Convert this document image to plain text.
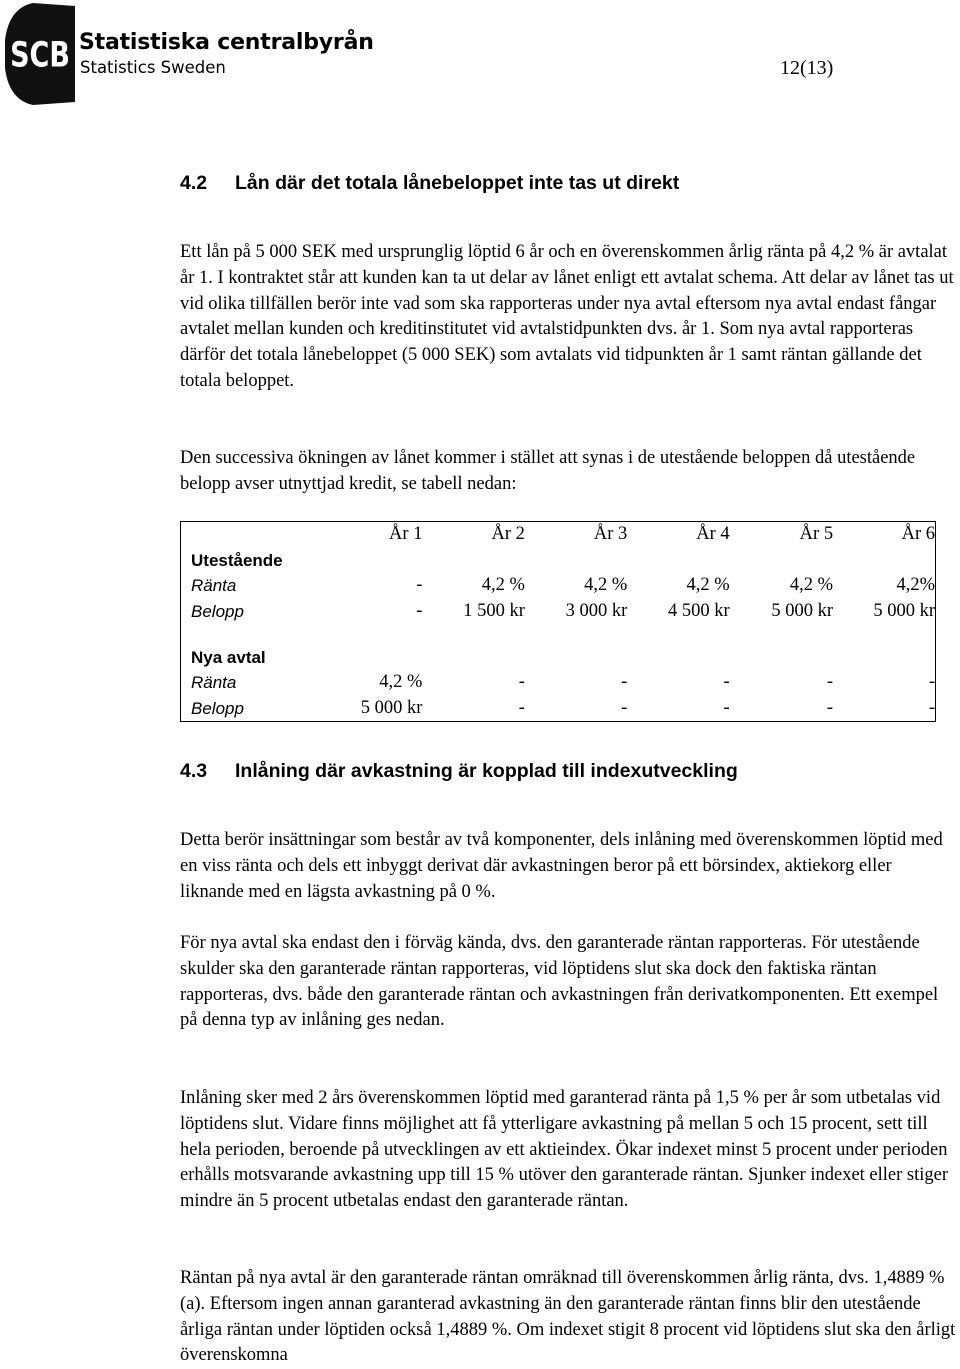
SCB Statistiska centralbyrån
Statistics Sweden	12(13)
4.2 Lån där det totala lånebeloppet inte tas ut direkt

Ett lån på 5 000 SEK med ursprunglig löptid 6 år och en överenskommen årlig ränta på 4,2 % är avtalat år 1. I kontraktet står att kunden kan ta ut delar av lånet enligt ett avtalat schema. Att delar av lånet tas ut vid olika tillfällen berör inte vad som ska rapporteras under nya avtal eftersom nya avtal endast fångar avtalet mellan kunden och kreditinstitutet vid avtalstidpunkten dvs. år 1. Som nya avtal rapporteras därför det totala lånebeloppet (5 000 SEK) som avtalats vid tidpunkten år 1 samt räntan gällande det totala beloppet.

Den successiva ökningen av lånet kommer i stället att synas i de utestående beloppen då utestående belopp avser utnyttjad kredit, se tabell nedan:

	År 1	År 2	År 3	År 4	År 5	År 6
Utestående						
Ränta	-	4,2 %	4,2 %	4,2 %	4,2 %	4,2%
Belopp	-	1 500 kr	3 000 kr	4 500 kr	5 000 kr	5 000 kr

Nya avtal						
Ränta	4,2 %	-	-	-	-	-
Belopp	5 000 kr	-	-	-	-	-
4.3 Inlåning där avkastning är kopplad till indexutveckling

Detta berör insättningar som består av två komponenter, dels inlåning med överenskommen löptid med en viss ränta och dels ett inbyggt derivat där avkastningen beror på ett börsindex, aktiekorg eller liknande med en lägsta avkastning på 0 %.

För nya avtal ska endast den i förväg kända, dvs. den garanterade räntan rapporteras. För utestående skulder ska den garanterade räntan rapporteras, vid löptidens slut ska dock den faktiska räntan rapporteras, dvs. både den garanterade räntan och avkastningen från derivatkomponenten. Ett exempel på denna typ av inlåning ges nedan.

Inlåning sker med 2 års överenskommen löptid med garanterad ränta på 1,5 % per år som utbetalas vid löptidens slut. Vidare finns möjlighet att få ytterligare avkastning på mellan 5 och 15 procent, sett till hela perioden, beroende på utvecklingen av ett aktieindex. Ökar indexet minst 5 procent under perioden erhålls motsvarande avkastning upp till 15 % utöver den garanterade räntan. Sjunker indexet eller stiger mindre än 5 procent utbetalas endast den garanterade räntan.

Räntan på nya avtal är den garanterade räntan omräknad till överenskommen årlig ränta, dvs. 1,4889 % (a). Eftersom ingen annan garanterad avkastning än den garanterade räntan finns blir den utestående årliga räntan under löptiden också 1,4889 %. Om indexet stigit 8 procent vid löptidens slut ska den årligt överenskomna
